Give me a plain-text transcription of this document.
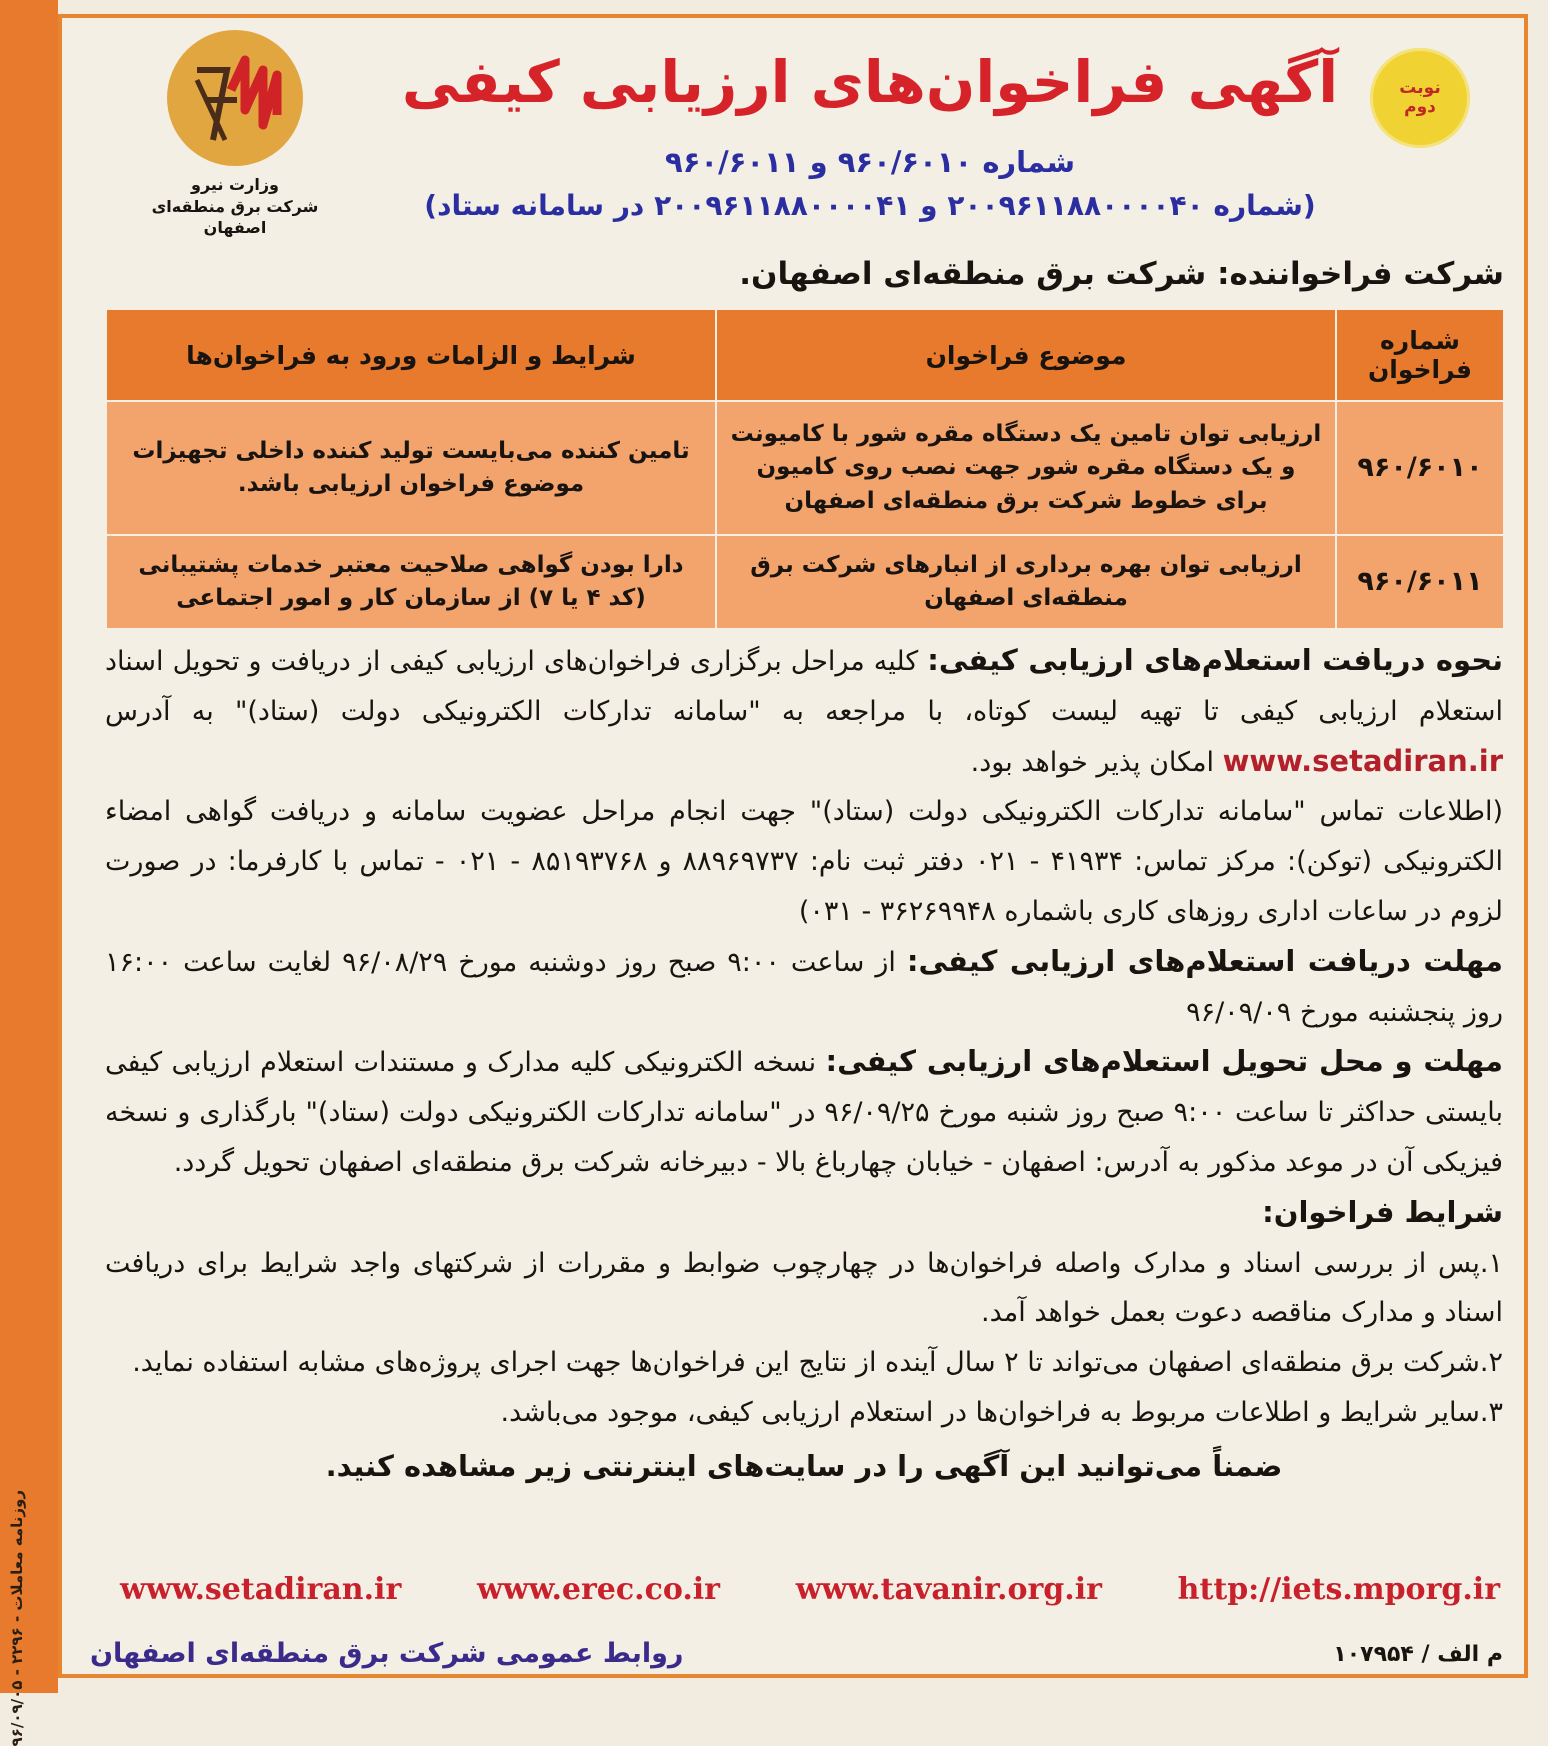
روزنامه معاملات - ۲۲۹۶ - ۹۶/۰۹/۰۵
وزارت نیرو
شرکت برق منطقه‌ای اصفهان
نوبت
دوم
آگهی فراخوان‌های ارزیابی کیفی
شماره ۹۶۰/۶۰۱۰ و ۹۶۰/۶۰۱۱
(شماره ۲۰۰۹۶۱۱۸۸۰۰۰۰۴۰ و ۲۰۰۹۶۱۱۸۸۰۰۰۰۴۱ در سامانه ستاد)
شرکت فراخواننده: شرکت برق منطقه‌ای اصفهان.
شماره فراخوان	موضوع فراخوان	شرایط و الزامات ورود به فراخوان‌ها
۹۶۰/۶۰۱۰	ارزیابی توان تامین یک دستگاه مقره شور با کامیونت و یک دستگاه مقره شور جهت نصب روی کامیون برای خطوط شرکت برق منطقه‌ای اصفهان	تامین کننده می‌بایست تولید کننده داخلی تجهیزات موضوع فراخوان ارزیابی باشد.
۹۶۰/۶۰۱۱	ارزیابی توان بهره برداری از انبارهای شرکت برق منطقه‌ای اصفهان	دارا بودن گواهی صلاحیت معتبر خدمات پشتیبانی (کد ۴ یا ۷) از سازمان کار و امور اجتماعی

نحوه دریافت استعلام‌های ارزیابی کیفی: کلیه مراحل برگزاری فراخوان‌های ارزیابی کیفی از دریافت و تحویل اسناد استعلام ارزیابی کیفی تا تهیه لیست کوتاه، با مراجعه به "سامانه تدارکات الکترونیکی دولت (ستاد)" به آدرس www.setadiran.ir امکان پذیر خواهد بود.

(اطلاعات تماس "سامانه تدارکات الکترونیکی دولت (ستاد)" جهت انجام مراحل عضویت سامانه و دریافت گواهی امضاء الکترونیکی (توکن): مرکز تماس: ۴۱۹۳۴ - ۰۲۱ دفتر ثبت نام: ۸۸۹۶۹۷۳۷ و ۸۵۱۹۳۷۶۸ - ۰۲۱ - تماس با کارفرما: در صورت لزوم در ساعات اداری روزهای کاری باشماره ۳۶۲۶۹۹۴۸ - ۰۳۱)

مهلت دریافت استعلام‌های ارزیابی کیفی: از ساعت ۹:۰۰ صبح روز دوشنبه مورخ ۹۶/۰۸/۲۹ لغایت ساعت ۱۶:۰۰ روز پنجشنبه مورخ ۹۶/۰۹/۰۹

مهلت و محل تحویل استعلام‌های ارزیابی کیفی: نسخه الکترونیکی کلیه مدارک و مستندات استعلام ارزیابی کیفی بایستی حداکثر تا ساعت ۹:۰۰ صبح روز شنبه مورخ ۹۶/۰۹/۲۵ در "سامانه تدارکات الکترونیکی دولت (ستاد)" بارگذاری و نسخه فیزیکی آن در موعد مذکور به آدرس: اصفهان - خیابان چهارباغ بالا - دبیرخانه شرکت برق منطقه‌ای اصفهان تحویل گردد.

شرایط فراخوان:

۱.پس از بررسی اسناد و مدارک واصله فراخوان‌ها در چهارچوب ضوابط و مقررات از شرکتهای واجد شرایط برای دریافت اسناد و مدارک مناقصه دعوت بعمل خواهد آمد.

۲.شرکت برق منطقه‌ای اصفهان می‌تواند تا ۲ سال آینده از نتایج این فراخوان‌ها جهت اجرای پروژه‌های مشابه استفاده نماید.

۳.سایر شرایط و اطلاعات مربوط به فراخوان‌ها در استعلام ارزیابی کیفی، موجود می‌باشد.

ضمناً می‌توانید این آگهی را در سایت‌های اینترنتی زیر مشاهده کنید.

http://iets.mporg.ir
www.tavanir.org.ir
www.erec.co.ir
www.setadiran.ir
روابط عمومی شرکت برق منطقه‌ای اصفهان	م الف / ۱۰۷۹۵۴
